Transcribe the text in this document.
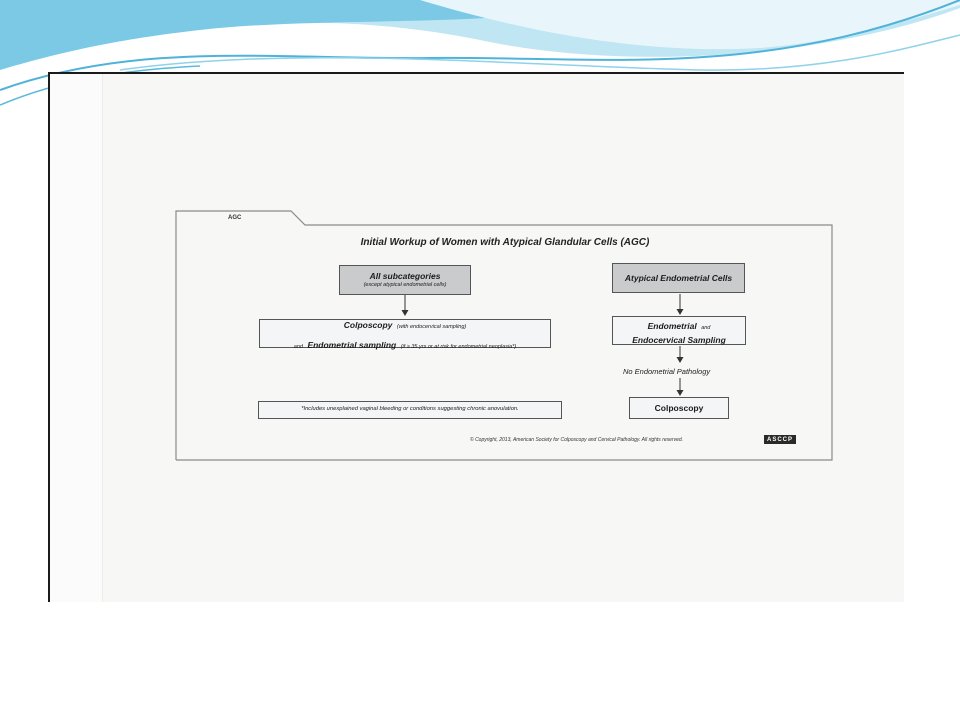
AGC
Initial Workup of Women with Atypical Glandular Cells (AGC)
All subcategories
(except atypical endometrial cells)
Colposcopy (with endocervical sampling)
and Endometrial sampling (if ≥ 35 yrs or at risk for endometrial neoplasia*)
*Includes unexplained vaginal bleeding or conditions suggesting chronic anovulation.
Atypical Endometrial Cells
Endometrial and
Endocervical Sampling
No Endometrial Pathology
Colposcopy
© Copyright, 2013, American Society for Colposcopy and Cervical Pathology. All rights reserved.	ASCCP
